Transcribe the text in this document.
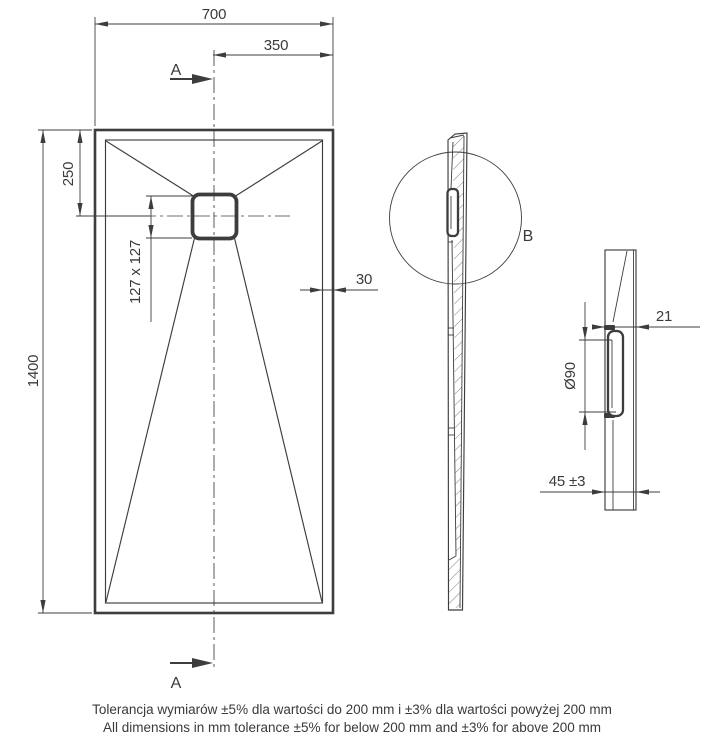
700
350
A
1400
250
127 x 127	30
A
B
21
Ø90
45 ±3
Tolerancja wymiarów ±5% dla wartości do 200 mm i ±3% dla wartości powyżej 200 mm
All dimensions in mm tolerance ±5% for below 200 mm and ±3% for above 200 mm
